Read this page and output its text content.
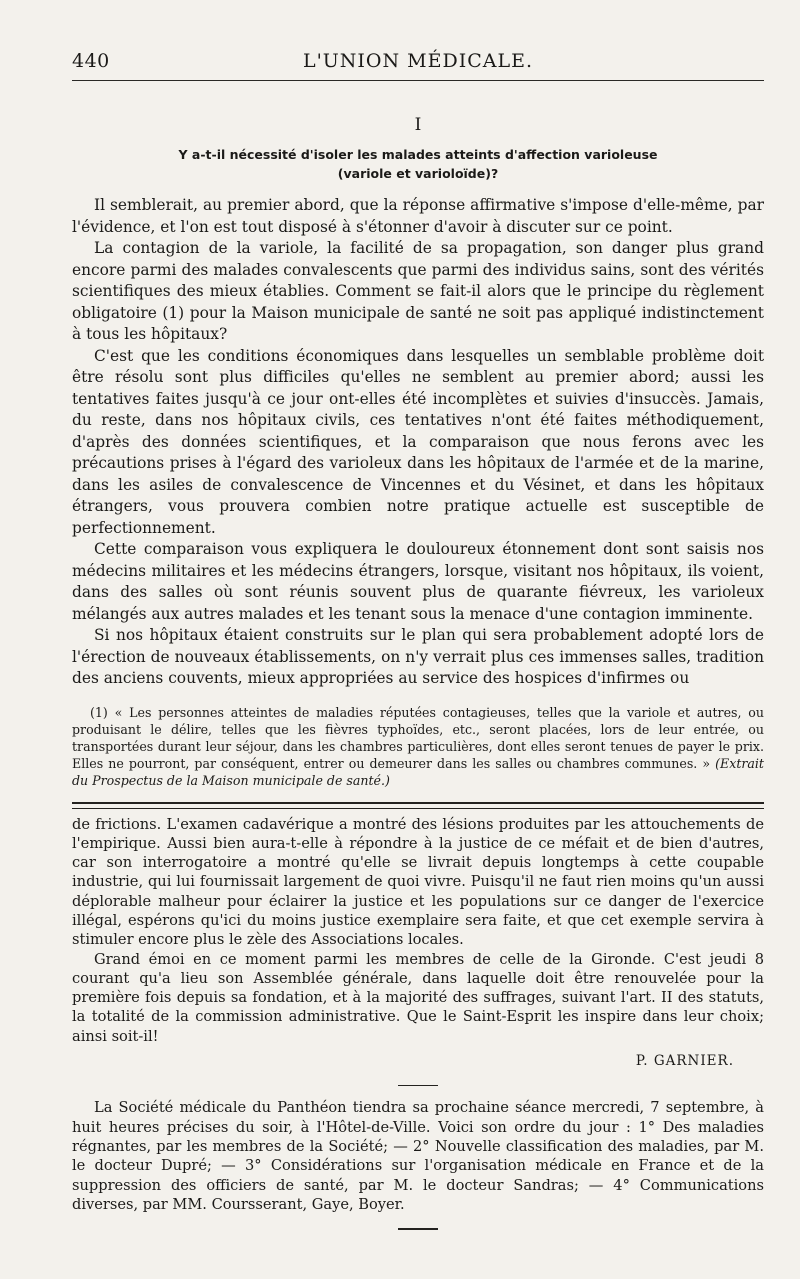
440	L'UNION MÉDICALE.
I
Y a-t-il nécessité d'isoler les malades atteints d'affection varioleuse
(variole et varioloïde)?

Il semblerait, au premier abord, que la réponse affirmative s'impose d'elle-même, par l'évidence, et l'on est tout disposé à s'étonner d'avoir à discuter sur ce point.

La contagion de la variole, la facilité de sa propagation, son danger plus grand encore parmi des malades convalescents que parmi des individus sains, sont des vérités scientifiques des mieux établies. Comment se fait-il alors que le principe du règlement obligatoire (1) pour la Maison municipale de santé ne soit pas appliqué indistinctement à tous les hôpitaux?

C'est que les conditions économiques dans lesquelles un semblable problème doit être résolu sont plus difficiles qu'elles ne semblent au premier abord; aussi les tentatives faites jusqu'à ce jour ont-elles été incomplètes et suivies d'insuccès. Jamais, du reste, dans nos hôpitaux civils, ces tentatives n'ont été faites méthodiquement, d'après des données scientifiques, et la comparaison que nous ferons avec les précautions prises à l'égard des varioleux dans les hôpitaux de l'armée et de la marine, dans les asiles de convalescence de Vincennes et du Vésinet, et dans les hôpitaux étrangers, vous prouvera combien notre pratique actuelle est susceptible de perfectionnement.

Cette comparaison vous expliquera le douloureux étonnement dont sont saisis nos médecins militaires et les médecins étrangers, lorsque, visitant nos hôpitaux, ils voient, dans des salles où sont réunis souvent plus de quarante fiévreux, les varioleux mélangés aux autres malades et les tenant sous la menace d'une contagion imminente.

Si nos hôpitaux étaient construits sur le plan qui sera probablement adopté lors de l'érection de nouveaux établissements, on n'y verrait plus ces immenses salles, tradition des anciens couvents, mieux appropriées au service des hospices d'infirmes ou

(1) « Les personnes atteintes de maladies réputées contagieuses, telles que la variole et autres, ou produisant le délire, telles que les fièvres typhoïdes, etc., seront placées, lors de leur entrée, ou transportées durant leur séjour, dans les chambres particulières, dont elles seront tenues de payer le prix. Elles ne pourront, par conséquent, entrer ou demeurer dans les salles ou chambres communes. » (Extrait du Prospectus de la Maison municipale de santé.)

de frictions. L'examen cadavérique a montré des lésions produites par les attouchements de l'empirique. Aussi bien aura-t-elle à répondre à la justice de ce méfait et de bien d'autres, car son interrogatoire a montré qu'elle se livrait depuis longtemps à cette coupable industrie, qui lui fournissait largement de quoi vivre. Puisqu'il ne faut rien moins qu'un aussi déplorable malheur pour éclairer la justice et les populations sur ce danger de l'exercice illégal, espérons qu'ici du moins justice exemplaire sera faite, et que cet exemple servira à stimuler encore plus le zèle des Associations locales.

Grand émoi en ce moment parmi les membres de celle de la Gironde. C'est jeudi 8 courant qu'a lieu son Assemblée générale, dans laquelle doit être renouvelée pour la première fois depuis sa fondation, et à la majorité des suffrages, suivant l'art. II des statuts, la totalité de la commission administrative. Que le Saint-Esprit les inspire dans leur choix; ainsi soit-il!

P. GARNIER.

La Société médicale du Panthéon tiendra sa prochaine séance mercredi, 7 septembre, à huit heures précises du soir, à l'Hôtel-de-Ville. Voici son ordre du jour : 1° Des maladies régnantes, par les membres de la Société; — 2° Nouvelle classification des maladies, par M. le docteur Dupré; — 3° Considérations sur l'organisation médicale en France et de la suppression des officiers de santé, par M. le docteur Sandras; — 4° Communications diverses, par MM. Coursserant, Gaye, Boyer.
